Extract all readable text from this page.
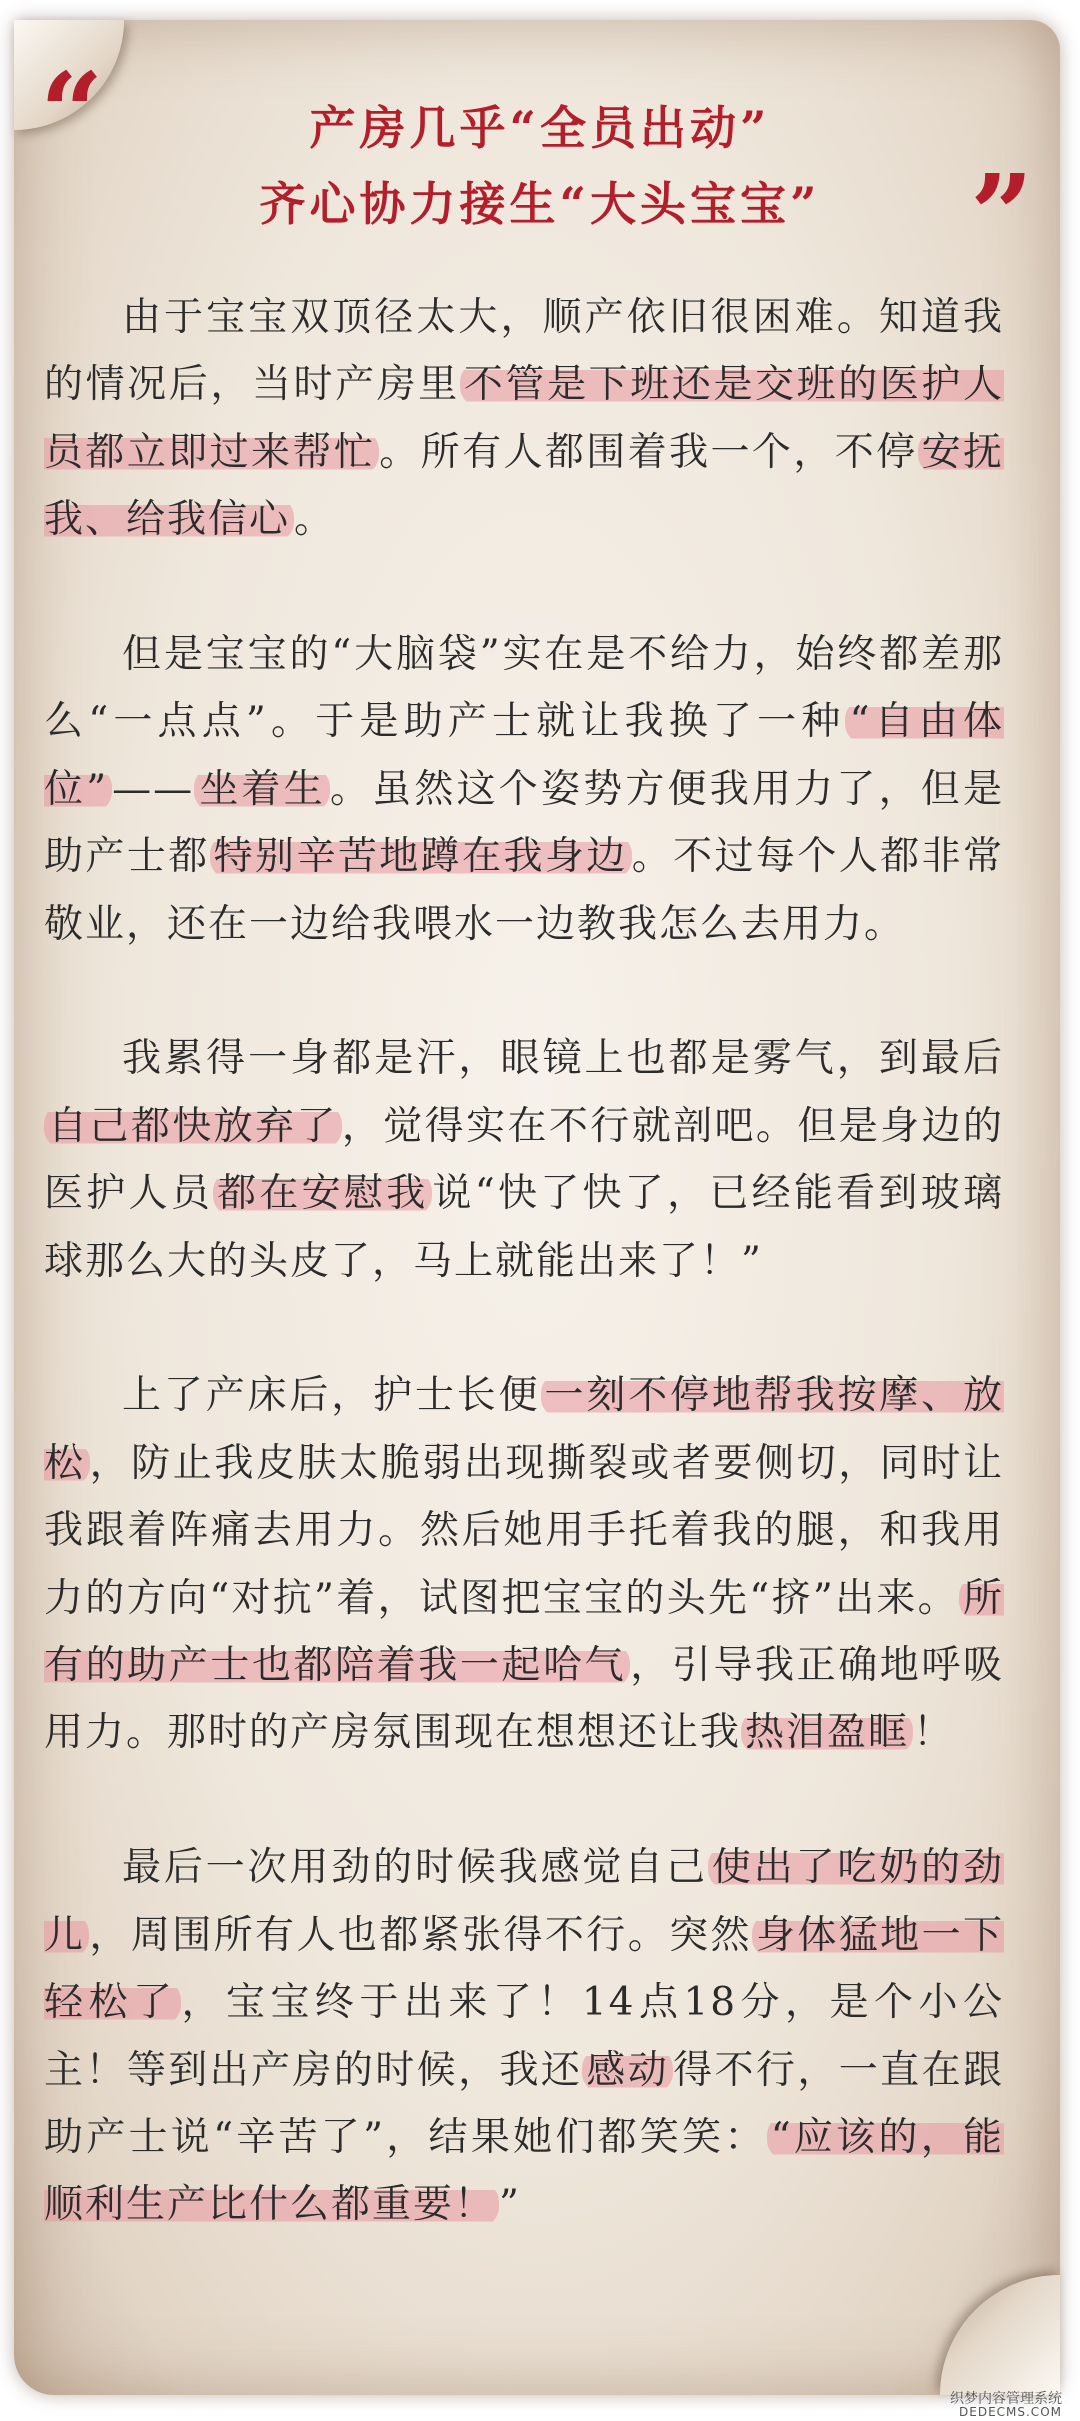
“
”
产房几乎“全员出动”
齐心协力接生“大头宝宝”

由于宝宝双顶径太大，顺产依旧很困难。知道我的情况后，当时产房里 不管是下班还是交班的医护人员都立即过来帮忙 。所有人都围着我一个，不停 安抚我、给我信心 。

但是宝宝的“大脑袋”实在是不给力，始终都差那么“一点点”。于是助产士就让我换了一种 “自由体位” —— 坐着生 。虽然这个姿势方便我用力了，但是助产士都 特别辛苦地蹲在我身边 。不过每个人都非常敬业，还在一边给我喂水一边教我怎么去用力。

我累得一身都是汗，眼镜上也都是雾气，到最后自己都快放弃了 ，觉得实在不行就剖吧。但是身边的医护人员 都在安慰我 说“快了快了，已经能看到玻璃球那么大的头皮了，马上就能出来了！”

上了产床后，护士长便 一刻不停地帮我按摩、放松 ，防止我皮肤太脆弱出现撕裂或者要侧切，同时让我跟着阵痛去用力。然后她用手托着我的腿，和我用力的方向“对抗”着，试图把宝宝的头先“挤”出来。 所有的助产士也都陪着我一起哈气 ，引导我正确地呼吸用力。那时的产房氛围现在想想还让我 热泪盈眶 ！

最后一次用劲的时候我感觉自己 使出了吃奶的劲儿 ，周围所有人也都紧张得不行。突然 身体猛地一下轻松了 ，宝宝终于出来了！14点18分，是个小公主！等到出产房的时候，我还 感动 得不行，一直在跟助产士说“辛苦了”，结果她们都笑笑： “应该的，能顺利生产比什么都重要！ ”

织梦内容管理系统
DEDECMS.COM
